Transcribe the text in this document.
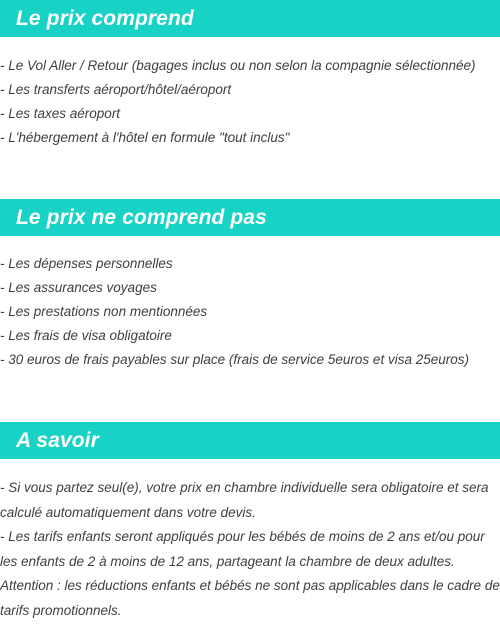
Le prix comprend
- Le Vol Aller / Retour (bagages inclus ou non selon la compagnie sélectionnée)
- Les transferts aéroport/hôtel/aéroport
- Les taxes aéroport
- L'hébergement à l'hôtel en formule "tout inclus"
Le prix ne comprend pas
- Les dépenses personnelles
- Les assurances voyages
- Les prestations non mentionnées
- Les frais de visa obligatoire
- 30 euros de frais payables sur place (frais de service 5euros et visa 25euros)
A savoir

- Si vous partez seul(e), votre prix en chambre individuelle sera obligatoire et sera calculé automatiquement dans votre devis.

- Les tarifs enfants seront appliqués pour les bébés de moins de 2 ans et/ou pour les enfants de 2 à moins de 12 ans, partageant la chambre de deux adultes.

Attention : les réductions enfants et bébés ne sont pas applicables dans le cadre de tarifs promotionnels.
